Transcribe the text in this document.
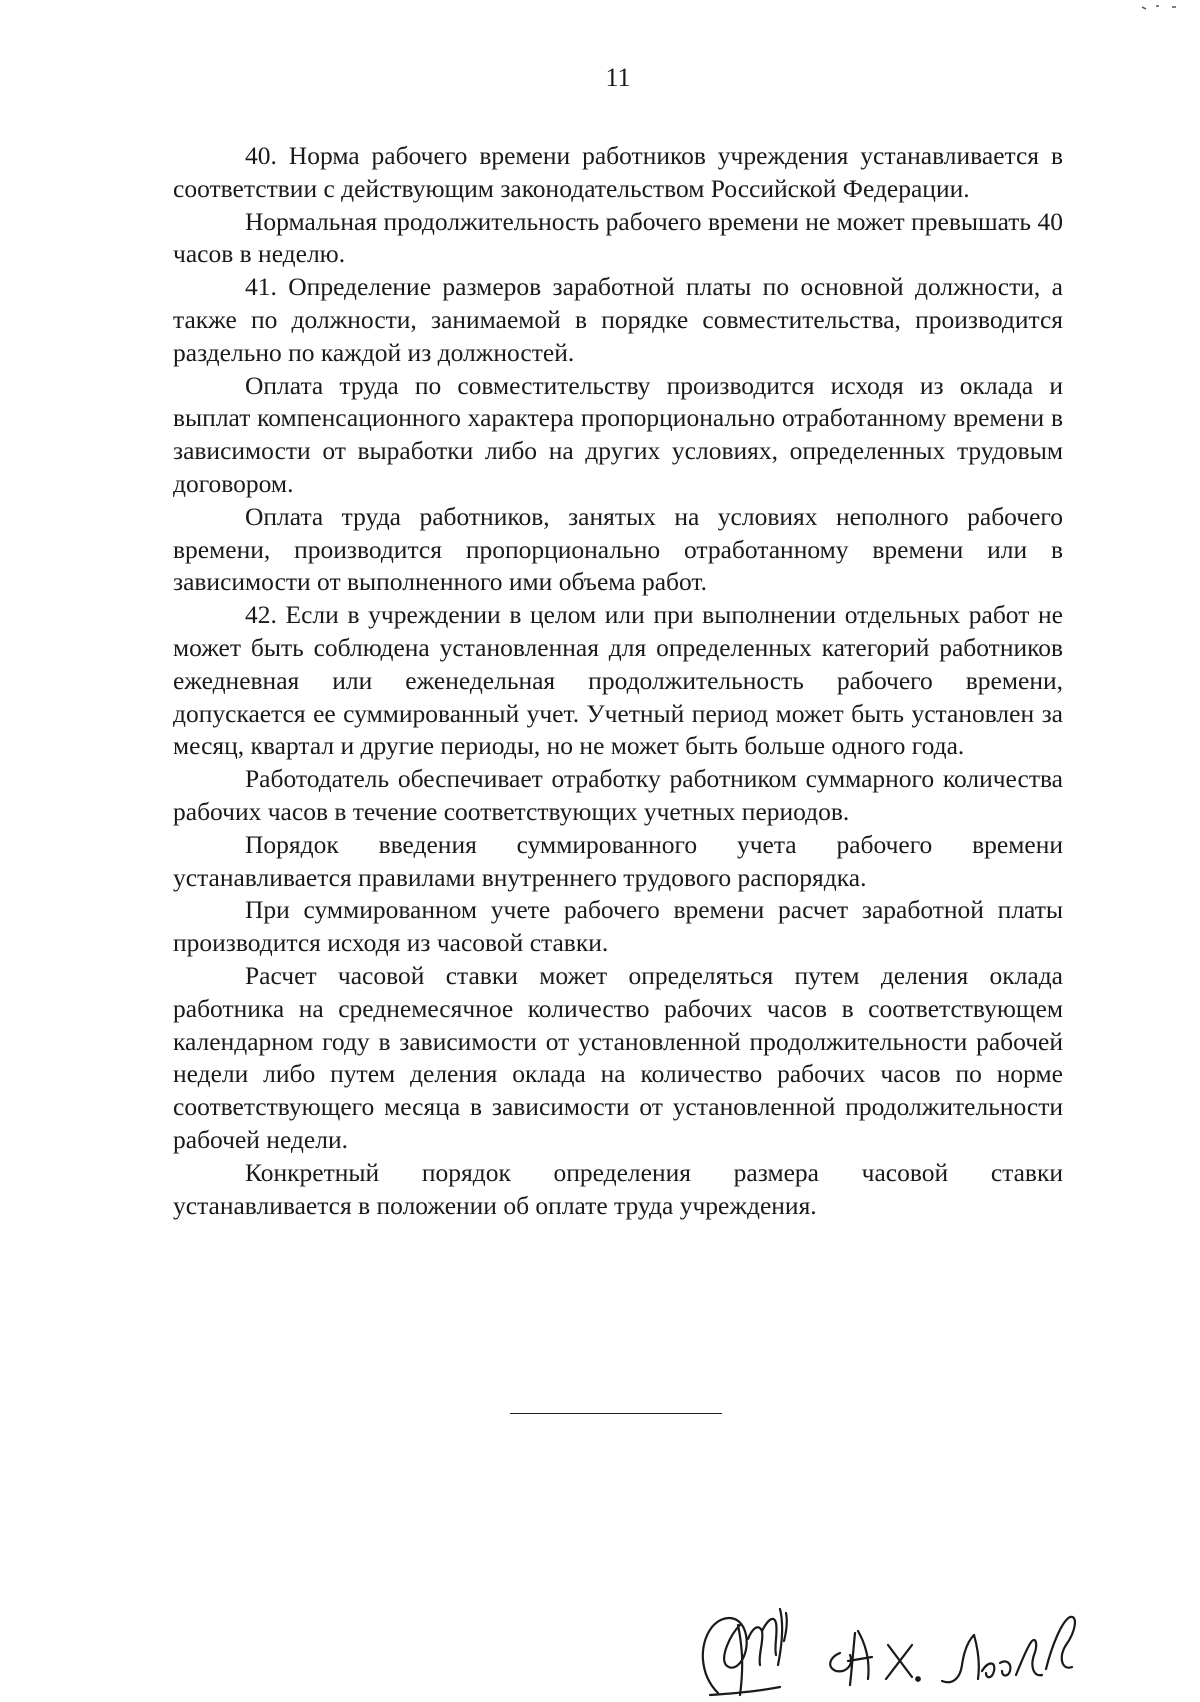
11

40. Норма рабочего времени работников учреждения устанавливается в соответствии с действующим законодательством Российской Федерации.

Нормальная продолжительность рабочего времени не может превышать 40 часов в неделю.

41. Определение размеров заработной платы по основной должности, а также по должности, занимаемой в порядке совместительства, производится раздельно по каждой из должностей.

Оплата труда по совместительству производится исходя из оклада и выплат компенсационного характера пропорционально отработанному времени в зависимости от выработки либо на других условиях, определенных трудовым договором.

Оплата труда работников, занятых на условиях неполного рабочего времени, производится пропорционально отработанному времени или в зависимости от выполненного ими объема работ.

42. Если в учреждении в целом или при выполнении отдельных работ не может быть соблюдена установленная для определенных категорий работников ежедневная или еженедельная продолжительность рабочего времени, допускается ее суммированный учет. Учетный период может быть установлен за месяц, квартал и другие периоды, но не может быть больше одного года.

Работодатель обеспечивает отработку работником суммарного количества рабочих часов в течение соответствующих учетных периодов.

Порядок введения суммированного учета рабочего времени устанавливается правилами внутреннего трудового распорядка.

При суммированном учете рабочего времени расчет заработной платы производится исходя из часовой ставки.

Расчет часовой ставки может определяться путем деления оклада работника на среднемесячное количество рабочих часов в соответствующем календарном году в зависимости от установленной продолжительности рабочей недели либо путем деления оклада на количество рабочих часов по норме соответствующего месяца в зависимости от установленной продолжительности рабочей недели.

Конкретный порядок определения размера часовой ставки устанавливается в положении об оплате труда учреждения.
